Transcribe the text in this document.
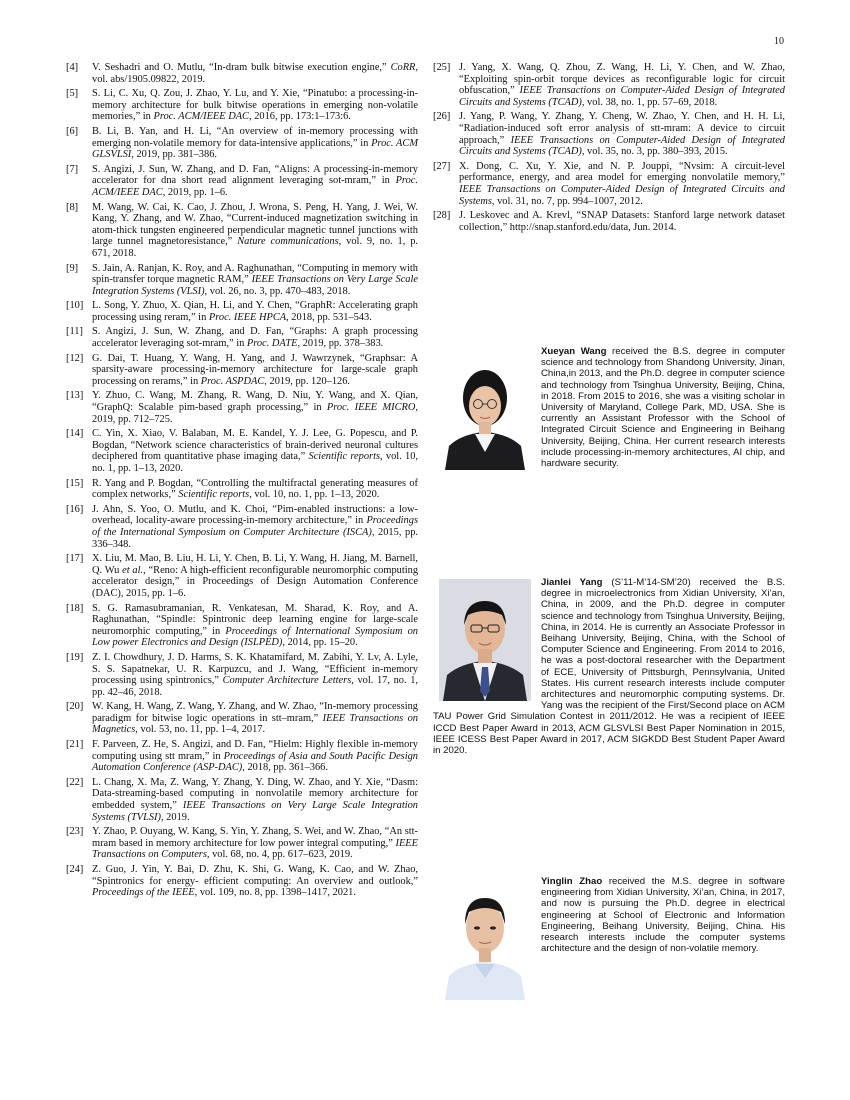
10
[4]	V. Seshadri and O. Mutlu, “In-dram bulk bitwise execution engine,” CoRR, vol. abs/1905.09822, 2019.
[5]	S. Li, C. Xu, Q. Zou, J. Zhao, Y. Lu, and Y. Xie, “Pinatubo: a processing-in-memory architecture for bulk bitwise operations in emerging non-volatile memories,” in Proc. ACM/IEEE DAC, 2016, pp. 173:1–173:6.
[6]	B. Li, B. Yan, and H. Li, “An overview of in-memory processing with emerging non-volatile memory for data-intensive applications,” in Proc. ACM GLSVLSI, 2019, pp. 381–386.
[7]	S. Angizi, J. Sun, W. Zhang, and D. Fan, “Aligns: A processing-in-memory accelerator for dna short read alignment leveraging sot-mram,” in Proc. ACM/IEEE DAC, 2019, pp. 1–6.
[8]	M. Wang, W. Cai, K. Cao, J. Zhou, J. Wrona, S. Peng, H. Yang, J. Wei, W. Kang, Y. Zhang, and W. Zhao, “Current-induced magnetization switching in atom-thick tungsten engineered perpendicular magnetic tunnel junctions with large tunnel magnetoresistance,” Nature communications, vol. 9, no. 1, p. 671, 2018.
[9]	S. Jain, A. Ranjan, K. Roy, and A. Raghunathan, “Computing in memory with spin-transfer torque magnetic RAM,” IEEE Transactions on Very Large Scale Integration Systems (VLSI), vol. 26, no. 3, pp. 470–483, 2018.
[10] L. Song, Y. Zhuo, X. Qian, H. Li, and Y. Chen, “GraphR: Accelerating graph processing using reram,” in Proc. IEEE HPCA, 2018, pp. 531–543.
[11] S. Angizi, J. Sun, W. Zhang, and D. Fan, “Graphs: A graph processing accelerator leveraging sot-mram,” in Proc. DATE, 2019, pp. 378–383.
[12] G. Dai, T. Huang, Y. Wang, H. Yang, and J. Wawrzynek, “Graphsar: A sparsity-aware processing-in-memory architecture for large-scale graph processing on rerams,” in Proc. ASPDAC, 2019, pp. 120–126.
[13] Y. Zhuo, C. Wang, M. Zhang, R. Wang, D. Niu, Y. Wang, and X. Qian, “GraphQ: Scalable pim-based graph processing,” in Proc. IEEE MICRO, 2019, pp. 712–725.
[14] C. Yin, X. Xiao, V. Balaban, M. E. Kandel, Y. J. Lee, G. Popescu, and P. Bogdan, “Network science characteristics of brain-derived neuronal cultures deciphered from quantitative phase imaging data,” Scientific reports, vol. 10, no. 1, pp. 1–13, 2020.
[15] R. Yang and P. Bogdan, “Controlling the multifractal generating measures of complex networks,” Scientific reports, vol. 10, no. 1, pp. 1–13, 2020.
[16] J. Ahn, S. Yoo, O. Mutlu, and K. Choi, “Pim-enabled instructions: a low-overhead, locality-aware processing-in-memory architecture,” in Proceedings of the International Symposium on Computer Architecture (ISCA), 2015, pp. 336–348.
[17] X. Liu, M. Mao, B. Liu, H. Li, Y. Chen, B. Li, Y. Wang, H. Jiang, M. Barnell, Q. Wu et al., “Reno: A high-efficient reconfigurable neuromorphic computing accelerator design,” in Proceedings of Design Automation Conference (DAC), 2015, pp. 1–6.
[18] S. G. Ramasubramanian, R. Venkatesan, M. Sharad, K. Roy, and A. Raghunathan, “Spindle: Spintronic deep learning engine for large-scale neuromorphic computing,” in Proceedings of International Symposium on Low power Electronics and Design (ISLPED), 2014, pp. 15–20.
[19] Z. I. Chowdhury, J. D. Harms, S. K. Khatamifard, M. Zabihi, Y. Lv, A. Lyle, S. S. Sapatnekar, U. R. Karpuzcu, and J. Wang, “Efficient in-memory processing using spintronics,” Computer Architecture Letters, vol. 17, no. 1, pp. 42–46, 2018.
[20] W. Kang, H. Wang, Z. Wang, Y. Zhang, and W. Zhao, “In-memory processing paradigm for bitwise logic operations in stt–mram,” IEEE Transactions on Magnetics, vol. 53, no. 11, pp. 1–4, 2017.
[21] F. Parveen, Z. He, S. Angizi, and D. Fan, “Hielm: Highly flexible in-memory computing using stt mram,” in Proceedings of Asia and South Pacific Design Automation Conference (ASP-DAC), 2018, pp. 361–366.
[22] L. Chang, X. Ma, Z. Wang, Y. Zhang, Y. Ding, W. Zhao, and Y. Xie, “Dasm: Data-streaming-based computing in nonvolatile memory architecture for embedded system,” IEEE Transactions on Very Large Scale Integration Systems (TVLSI), 2019.
[23] Y. Zhao, P. Ouyang, W. Kang, S. Yin, Y. Zhang, S. Wei, and W. Zhao, “An stt-mram based in memory architecture for low power integral computing,” IEEE Transactions on Computers, vol. 68, no. 4, pp. 617–623, 2019.
[24] Z. Guo, J. Yin, Y. Bai, D. Zhu, K. Shi, G. Wang, K. Cao, and W. Zhao, “Spintronics for energy- efficient computing: An overview and outlook,” Proceedings of the IEEE, vol. 109, no. 8, pp. 1398–1417, 2021.
[25] J. Yang, X. Wang, Q. Zhou, Z. Wang, H. Li, Y. Chen, and W. Zhao, “Exploiting spin-orbit torque devices as reconfigurable logic for circuit obfuscation,” IEEE Transactions on Computer-Aided Design of Integrated Circuits and Systems (TCAD), vol. 38, no. 1, pp. 57–69, 2018.
[26] J. Yang, P. Wang, Y. Zhang, Y. Cheng, W. Zhao, Y. Chen, and H. H. Li, “Radiation-induced soft error analysis of stt-mram: A device to circuit approach,” IEEE Transactions on Computer-Aided Design of Integrated Circuits and Systems (TCAD), vol. 35, no. 3, pp. 380–393, 2015.
[27] X. Dong, C. Xu, Y. Xie, and N. P. Jouppi, “Nvsim: A circuit-level performance, energy, and area model for emerging nonvolatile memory,” IEEE Transactions on Computer-Aided Design of Integrated Circuits and Systems, vol. 31, no. 7, pp. 994–1007, 2012.
[28] J. Leskovec and A. Krevl, “SNAP Datasets: Stanford large network dataset collection,” http://snap.stanford.edu/data, Jun. 2014.
Xueyan Wang received the B.S. degree in computer science and technology from Shandong University, Jinan, China,in 2013, and the Ph.D. degree in computer science and technology from Tsinghua University, Beijing, China, in 2018. From 2015 to 2016, she was a visiting scholar in University of Maryland, College Park, MD, USA. She is currently an Assistant Professor with the School of Integrated Circuit Science and Engineering in Beihang University, Beijing, China. Her current research interests include processing-in-memory architectures, AI chip, and hardware security.
Jianlei Yang (S’11-M’14-SM’20) received the B.S. degree in microelectronics from Xidian University, Xi’an, China, in 2009, and the Ph.D. degree in computer science and technology from Tsinghua University, Beijing, China, in 2014. He is currently an Associate Professor in Beihang University, Beijing, China, with the School of Computer Science and Engineering. From 2014 to 2016, he was a post-doctoral researcher with the Department of ECE, University of Pittsburgh, Pennsylvania, United States. His current research interests include computer architectures and neuromorphic computing systems. Dr. Yang was the recipient of the First/Second place on ACM TAU Power Grid Simulation Contest in 2011/2012. He was a recipient of IEEE ICCD Best Paper Award in 2013, ACM GLSVLSI Best Paper Nomination in 2015, IEEE ICESS Best Paper Award in 2017, ACM SIGKDD Best Student Paper Award in 2020.
Yinglin Zhao received the M.S. degree in software engineering from Xidian University, Xi’an, China, in 2017, and now is pursuing the Ph.D. degree in electrical engineering at School of Electronic and Information Engineering, Beihang University, Beijing, China. His research interests include the computer systems architecture and the design of non-volatile memory.
